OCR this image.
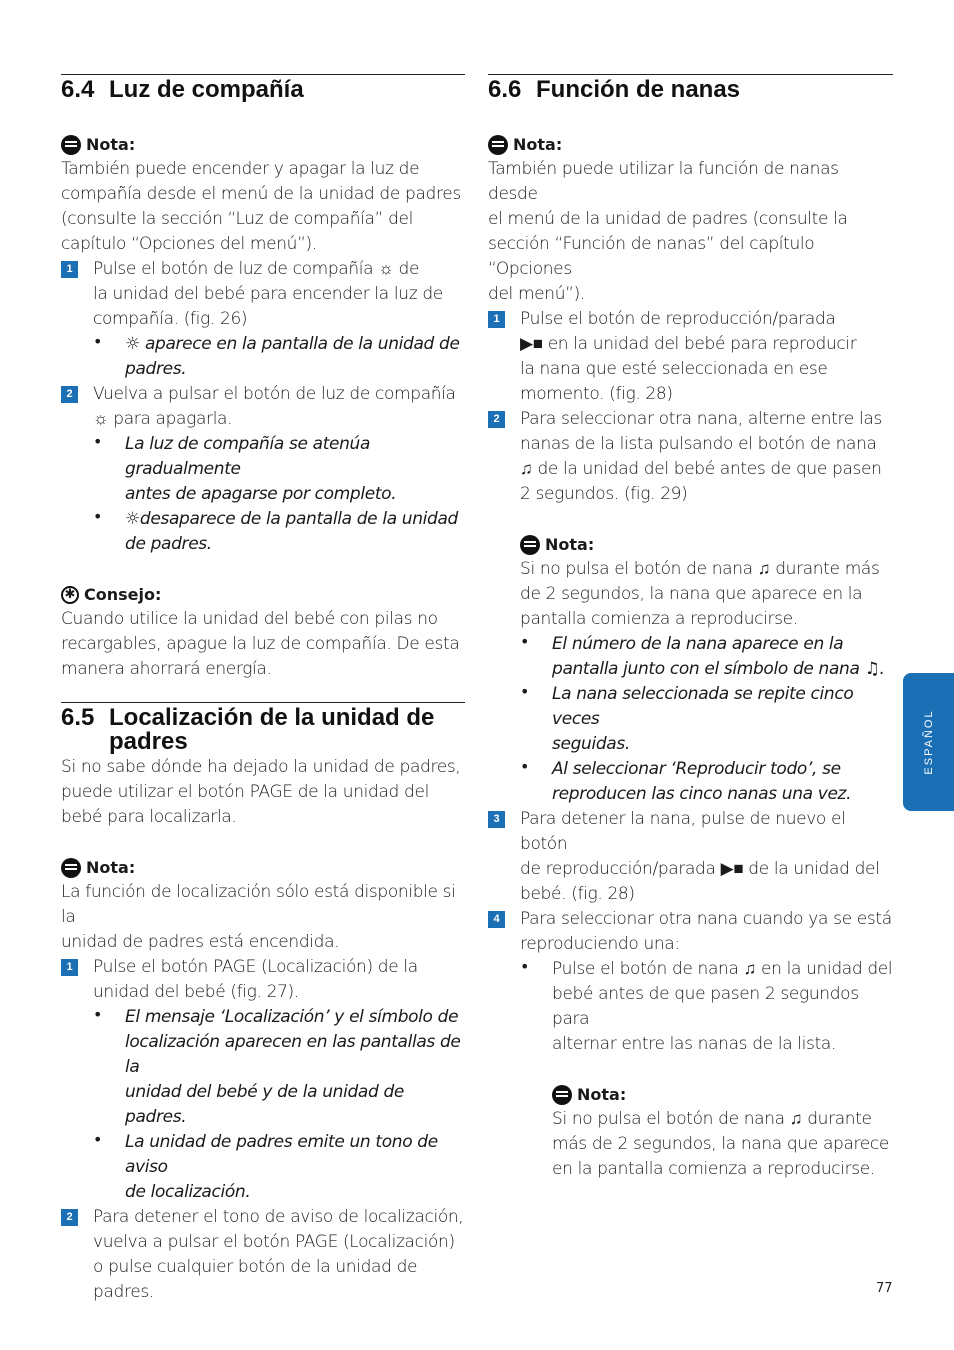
6.4 Luz de compañía
Nota:

También puede encender y apagar la luz de
compañía desde el menú de la unidad de padres
(consulte la sección “Luz de compañía” del
capítulo “Opciones del menú”).

1	Pulse el botón de luz de compañía ☼ de
la unidad del bebé para encender la luz de
compañía. (fig. 26)
• ☼ aparece en la pantalla de la unidad de
padres.
2	Vuelva a pulsar el botón de luz de compañía
☼ para apagarla.
• La luz de compañía se atenúa gradualmente
antes de apagarse por completo.
• ☼desaparece de la pantalla de la unidad
de padres.
✱ Consejo:

Cuando utilice la unidad del bebé con pilas no
recargables, apague la luz de compañía. De esta
manera ahorrará energía.

6.5 Localización de la unidad de padres

Si no sabe dónde ha dejado la unidad de padres,
puede utilizar el botón PAGE de la unidad del
bebé para localizarla.

Nota:

La función de localización sólo está disponible si la
unidad de padres está encendida.

1	Pulse el botón PAGE (Localización) de la
unidad del bebé (fig. 27).
• El mensaje ‘Localización’ y el símbolo de
localización aparecen en las pantallas de la
unidad del bebé y de la unidad de padres.
• La unidad de padres emite un tono de aviso
de localización.
2	Para detener el tono de aviso de localización,
vuelva a pulsar el botón PAGE (Localización)
o pulse cualquier botón de la unidad de
padres.
6.6 Función de nanas
Nota:

También puede utilizar la función de nanas desde
el menú de la unidad de padres (consulte la
sección “Función de nanas” del capítulo “Opciones
del menú”).

1	Pulse el botón de reproducción/parada
▶■ en la unidad del bebé para reproducir
la nana que esté seleccionada en ese
momento. (fig. 28)
2	Para seleccionar otra nana, alterne entre las
nanas de la lista pulsando el botón de nana
♫ de la unidad del bebé antes de que pasen
2 segundos. (fig. 29)
Nota:
Si no pulsa el botón de nana ♫ durante más
de 2 segundos, la nana que aparece en la
pantalla comienza a reproducirse.
• El número de la nana aparece en la
pantalla junto con el símbolo de nana ♫.
• La nana seleccionada se repite cinco veces
seguidas.
• Al seleccionar ‘Reproducir todo’, se
reproducen las cinco nanas una vez.
3	Para detener la nana, pulse de nuevo el botón
de reproducción/parada ▶■ de la unidad del
bebé. (fig. 28)
4	Para seleccionar otra nana cuando ya se está
reproduciendo una:
• Pulse el botón de nana ♫ en la unidad del
bebé antes de que pasen 2 segundos para
alternar entre las nanas de la lista.
Nota:
Si no pulsa el botón de nana ♫ durante
más de 2 segundos, la nana que aparece
en la pantalla comienza a reproducirse.
ESPAÑOL
77
